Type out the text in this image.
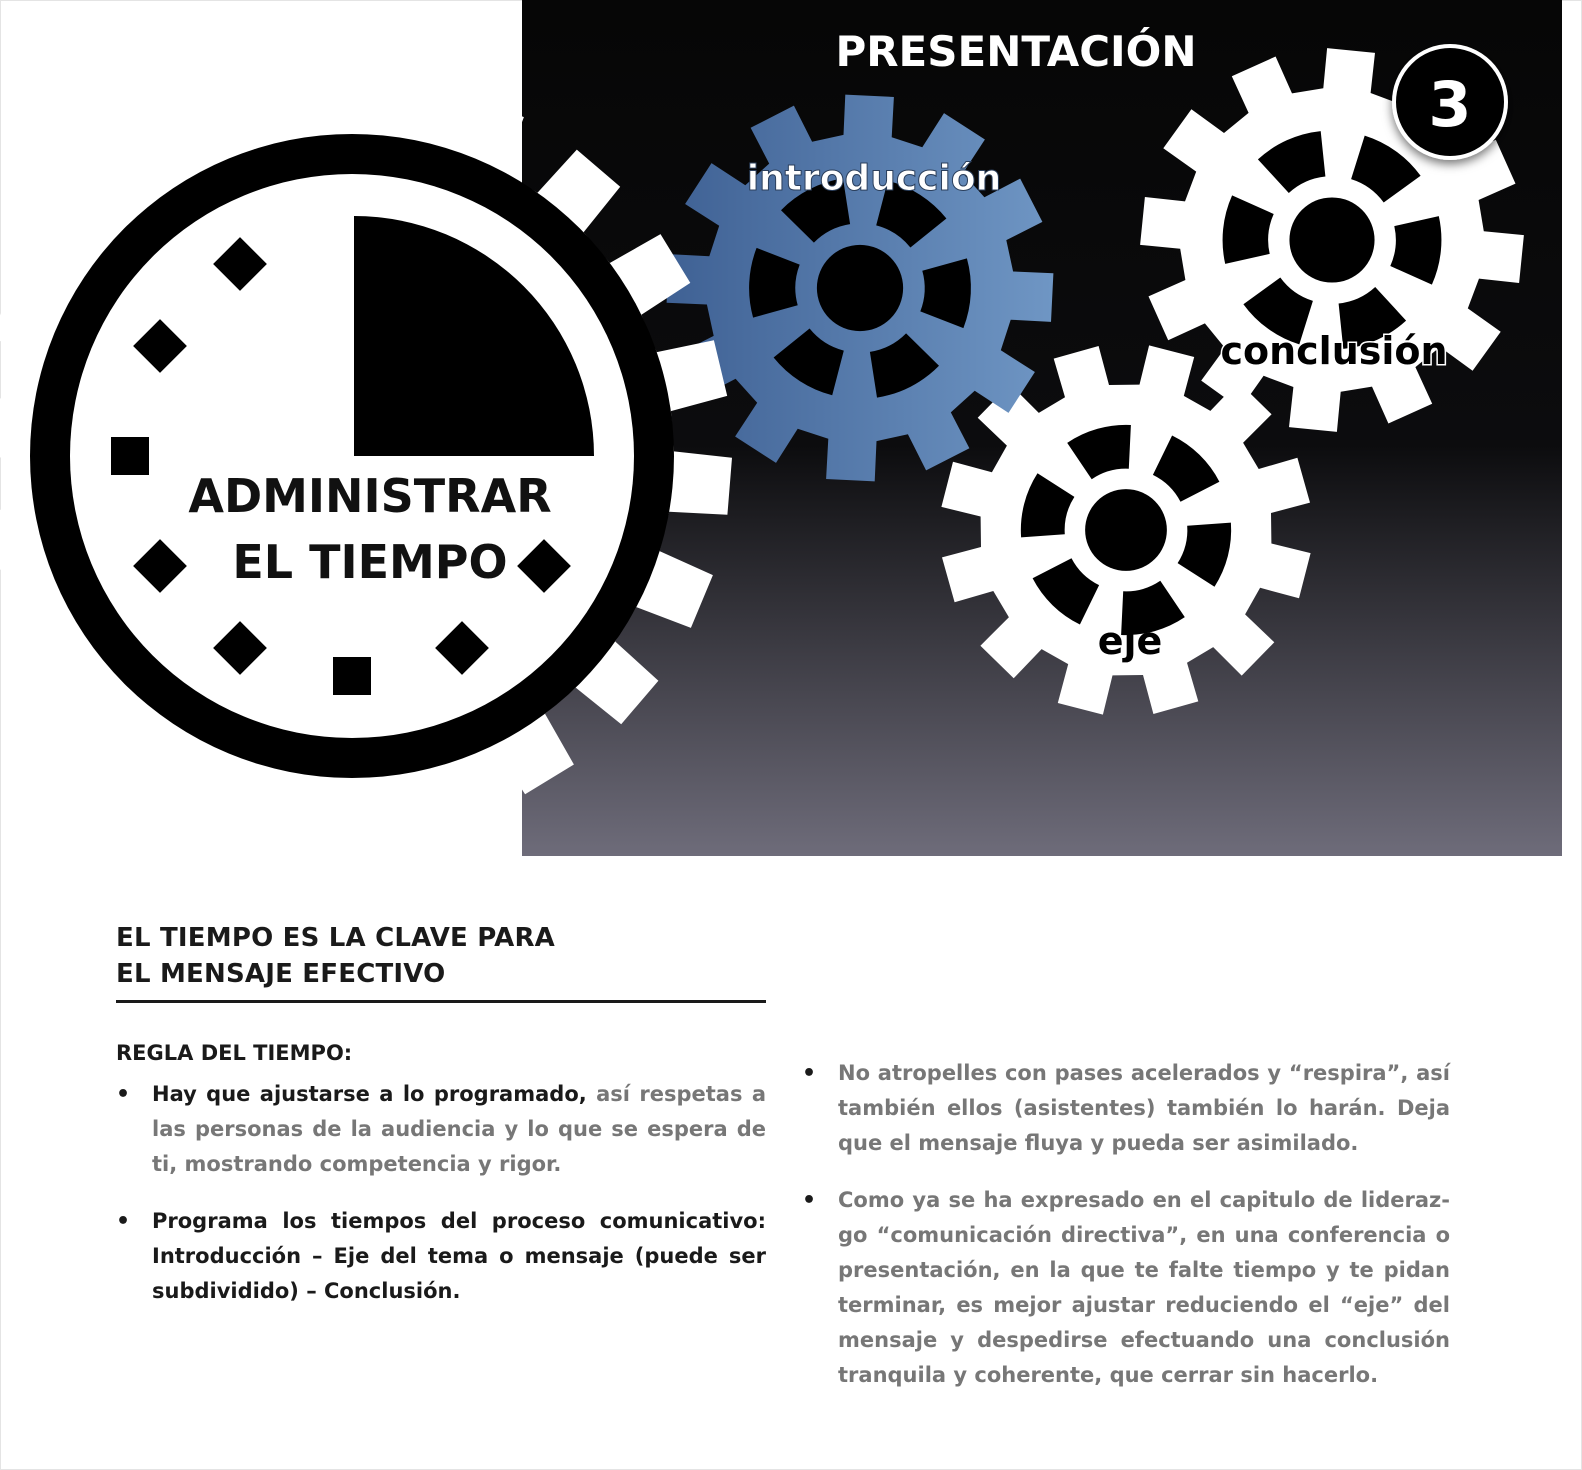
PRESENTACIÓN
3
introducción
conclusión
eje
ADMINISTRAR
EL TIEMPO
EL TIEMPO ES LA CLAVE PARA
EL MENSAJE EFECTIVO
REGLA DEL TIEMPO:
• Hay que ajustarse a lo programado, así respetas a las personas de la audiencia y lo que se espera de ti, mostrando competencia y rigor.
• Programa los tiempos del proceso comunicativo: Introducción – Eje del tema o mensaje (puede ser subdividido) – Conclusión.
• No atropelles con pases acelerados y “respira”, así también ellos (asistentes) también lo harán. Deja que el mensaje fluya y pueda ser asimilado.
• Como ya se ha expresado en el capitulo de lideraz-go “comunicación directiva”, en una conferencia o presentación, en la que te falte tiempo y te pidan terminar, es mejor ajustar reduciendo el “eje” del mensaje y despedirse efectuando una conclusión tranquila y coherente, que cerrar sin hacerlo.
